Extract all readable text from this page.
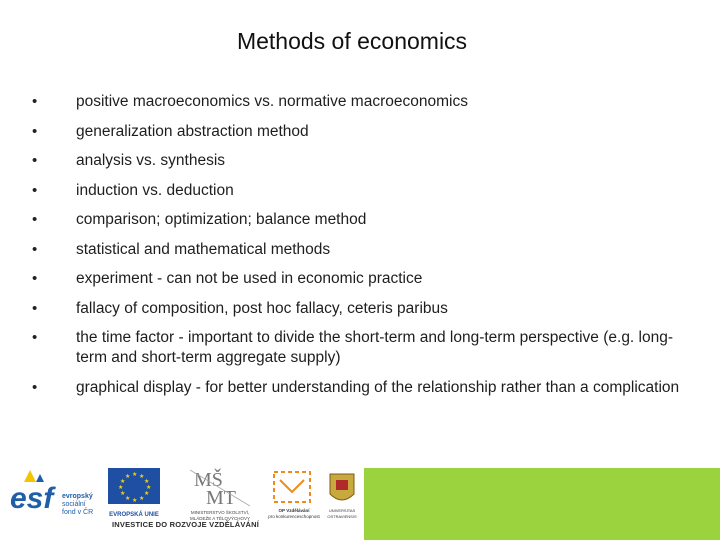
Methods of economics
• positive macroeconomics vs. normative macroeconomics
• generalization abstraction method
• analysis vs. synthesis
• induction vs. deduction
• comparison; optimization; balance method
• statistical and mathematical methods
• experiment - can not be used in economic practice
• fallacy of composition, post hoc fallacy, ceteris paribus
• the time factor - important to divide the short-term and long-term perspective (e.g. long-term and short-term aggregate supply)
• graphical display - for better understanding of the relationship rather than a complication
esf	evropský
sociální
fond v ČR
★ ★
★
★
★
★
★
★
★
★
★
★
EVROPSKÁ UNIE
MŠ
MT
MINISTERSTVO ŠKOLSTVÍ,
MLÁDEŽE A TĚLOVÝCHOVY
OP Vzdělávání
pro konkurenceschopnost
UNIVERSITAS
OSTRAVIENSIS
INVESTICE DO ROZVOJE VZDĚLÁVÁNÍ
